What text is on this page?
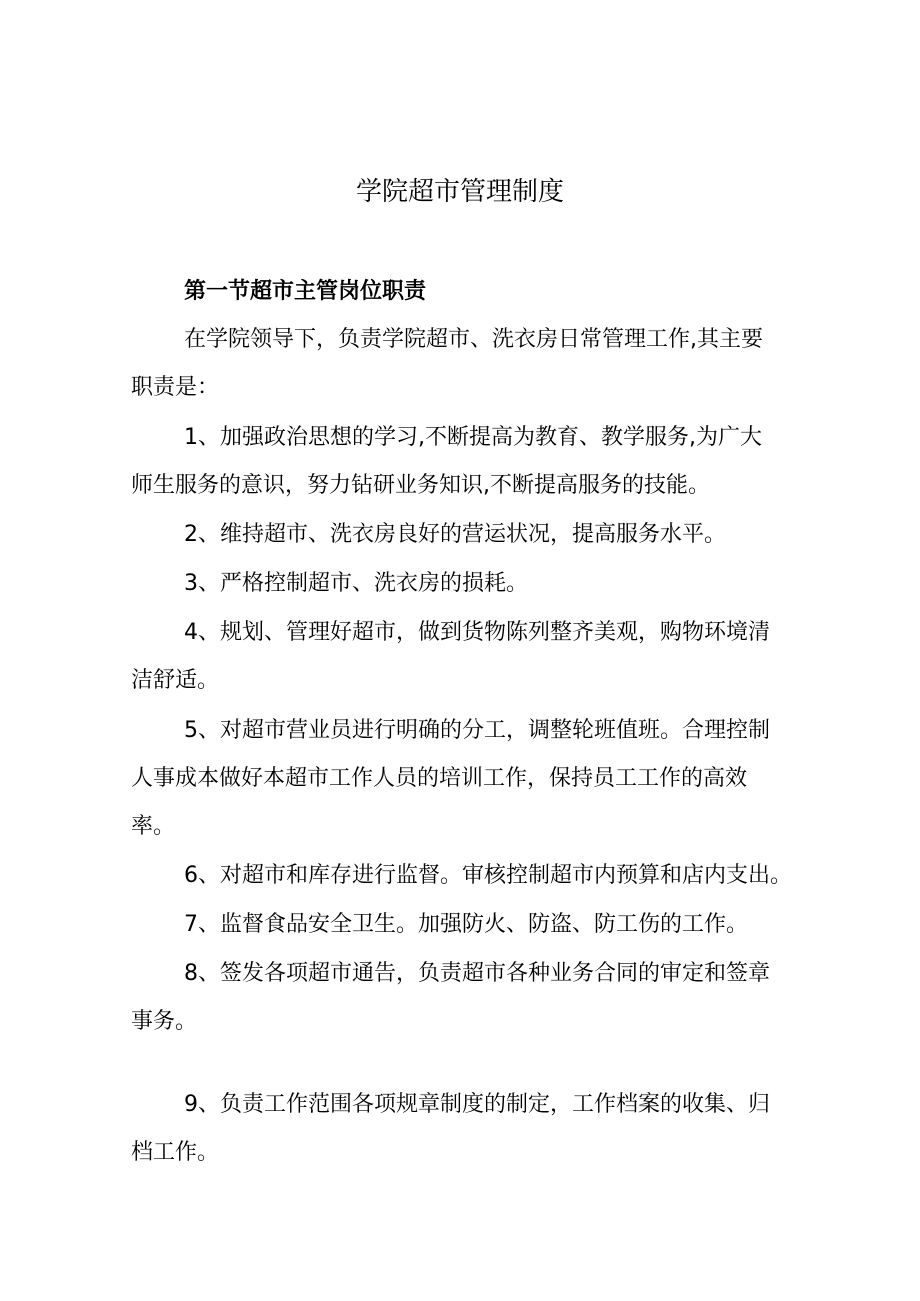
学院超市管理制度
第一节超市主管岗位职责
在学院领导下，负责学院超市、洗衣房日常管理工作,其主要
职责是：
1、加强政治思想的学习,不断提高为教育、教学服务,为广大
师生服务的意识，努力钻研业务知识,不断提高服务的技能。
2、维持超市、洗衣房良好的营运状况，提高服务水平。
3、严格控制超市、洗衣房的损耗。
4、规划、管理好超市，做到货物陈列整齐美观，购物环境清
洁舒适。
5、对超市营业员进行明确的分工，调整轮班值班。合理控制
人事成本做好本超市工作人员的培训工作，保持员工工作的高效
率。
6、对超市和库存进行监督。审核控制超市内预算和店内支出。
7、监督食品安全卫生。加强防火、防盗、防工伤的工作。
8、签发各项超市通告，负责超市各种业务合同的审定和签章
事务。
9、负责工作范围各项规章制度的制定，工作档案的收集、归
档工作。
